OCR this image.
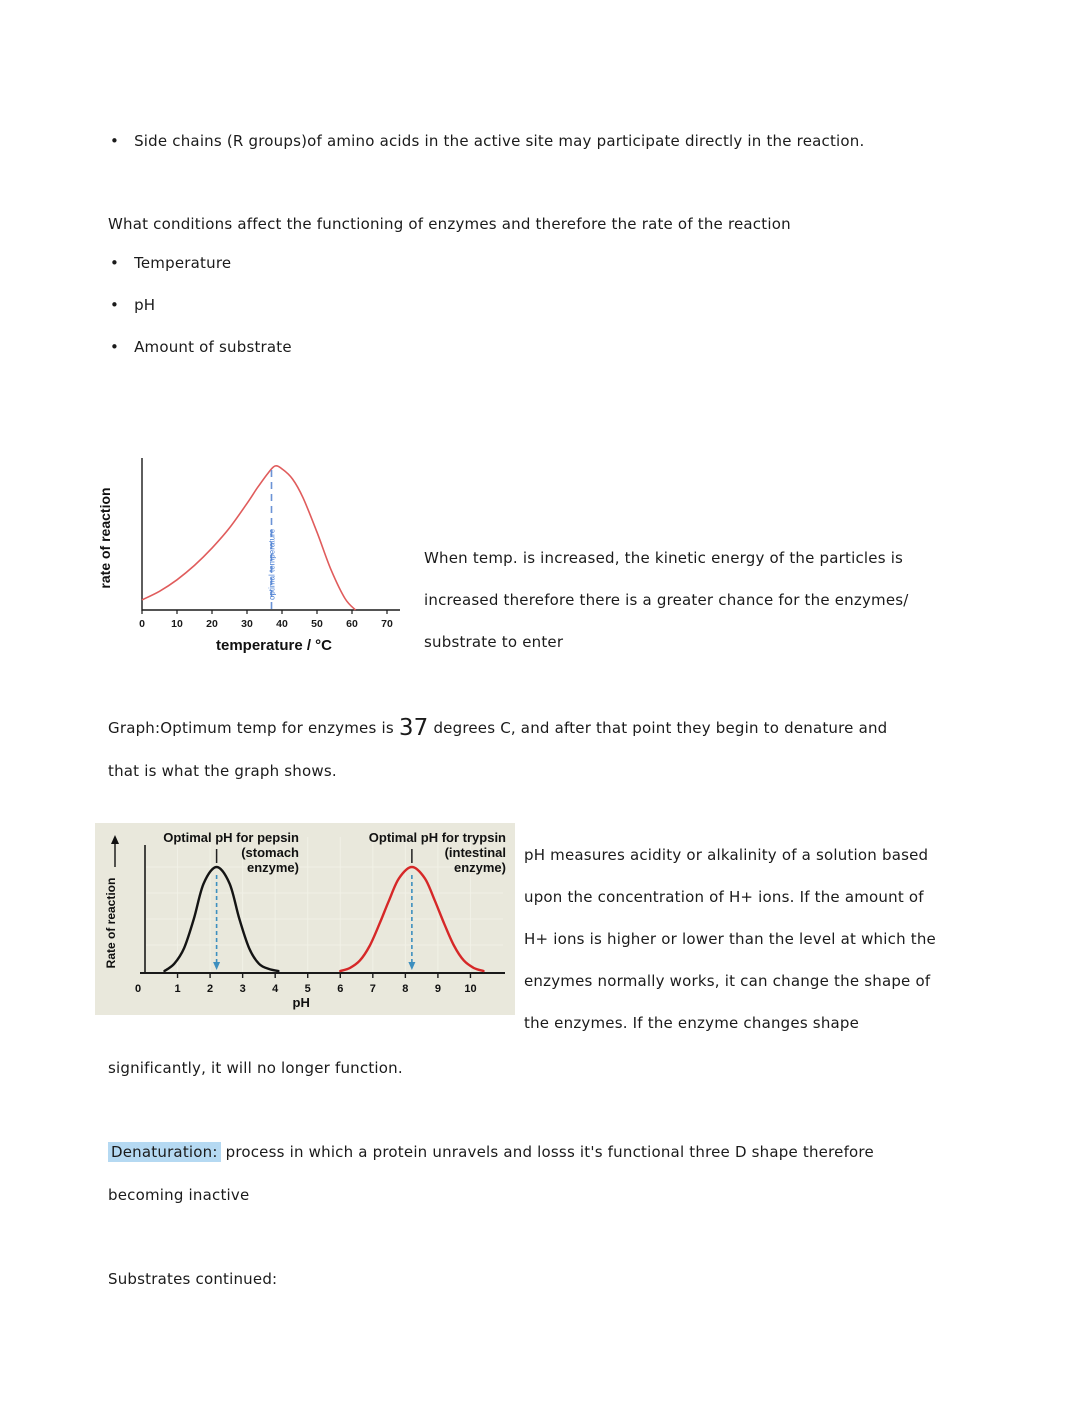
• Side chains (R groups)of amino acids in the active site may participate directly in the reaction.
What conditions affect the functioning of enzymes and therefore the rate of the reaction
• Temperature
• pH
• Amount of substrate
0 10 20 30 40 50 60 70
optimal temperature
temperature / °C
rate of reaction	When temp. is increased, the kinetic energy of the particles is
increased therefore there is a greater chance for the enzymes/
substrate to enter
Graph:Optimum temp for enzymes is 37 degrees C, and after that point they begin to denature and
that is what the graph shows.
0	1 2 3 4 5 6 7 8 9 10
pH
Rate of reaction
Optimal pH for pepsin
(stomach
enzyme)
Optimal pH for trypsin
(intestinal
enzyme)
pH measures acidity or alkalinity of a solution based
upon the concentration of H+ ions. If the amount of
H+ ions is higher or lower than the level at which the
enzymes normally works, it can change the shape of
the enzymes. If the enzyme changes shape
significantly, it will no longer function.
Denaturation: process in which a protein unravels and losss it's functional three D shape therefore
becoming inactive
Substrates continued:
